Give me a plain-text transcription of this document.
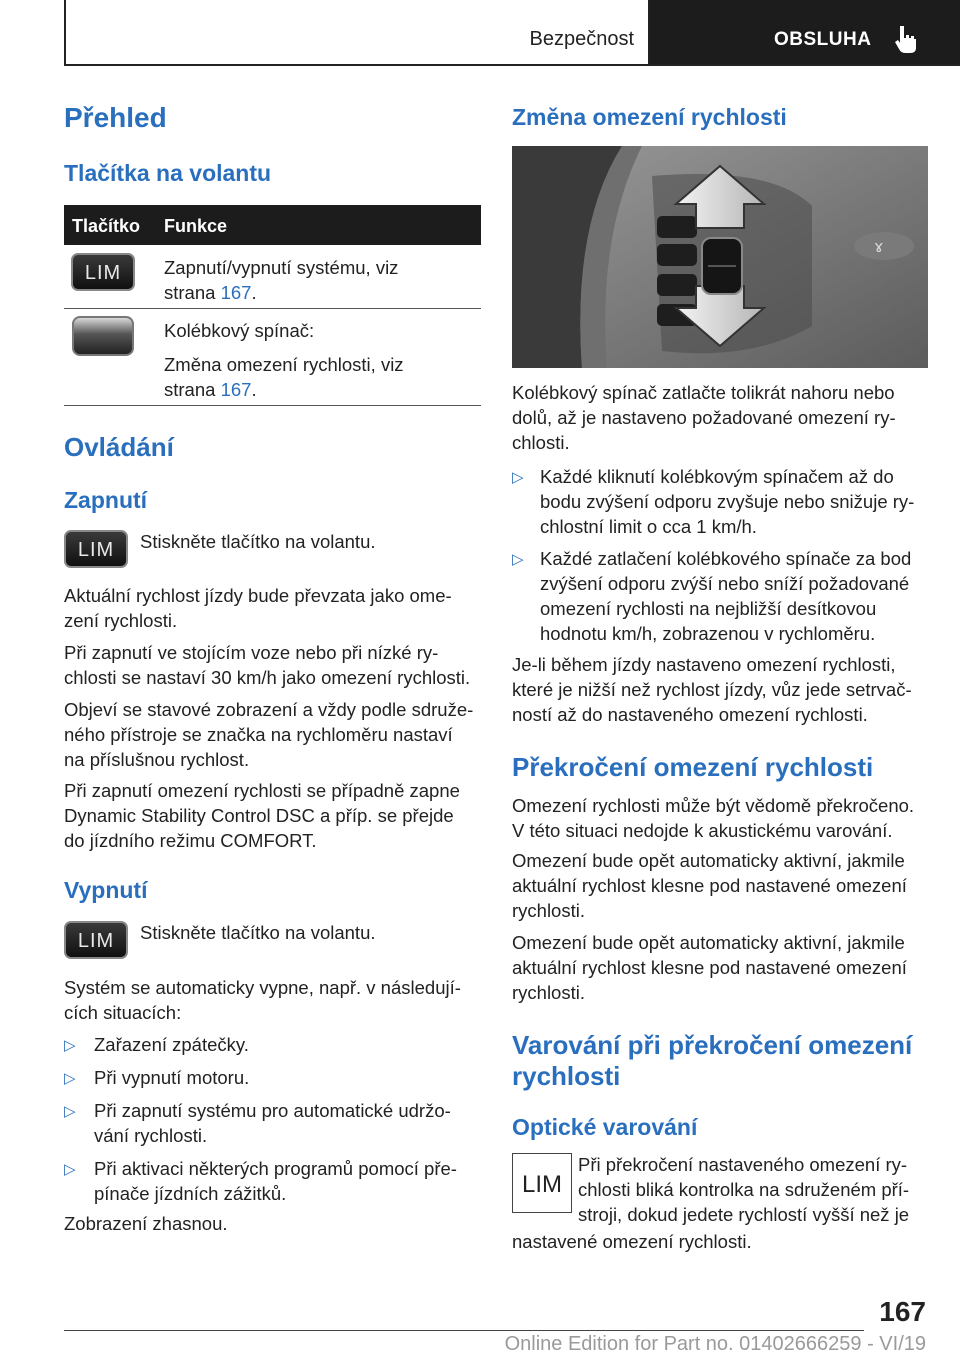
Bezpečnost	OBSLUHA
Přehled
Tlačítka na volantu
Tlačítko Funkce
LIM	Zapnutí/vypnutí systému, viz
strana 167.
Kolébkový spínač:
Změna omezení rychlosti, viz
strana 167.
Ovládání
Zapnutí
LIM	Stiskněte tlačítko na volantu.
Aktuální rychlost jízdy bude převzata jako ome-
zení rychlosti.
Při zapnutí ve stojícím voze nebo při nízké ry-
chlosti se nastaví 30 km/h jako omezení rychlosti.
Objeví se stavové zobrazení a vždy podle sdruže-
ného přístroje se značka na rychloměru nastaví
na příslušnou rychlost.
Při zapnutí omezení rychlosti se případně zapne
Dynamic Stability Control DSC a příp. se přejde
do jízdního režimu COMFORT.
Vypnutí
LIM	Stiskněte tlačítko na volantu.
Systém se automaticky vypne, např. v následují-
cích situacích:
▷ Zařazení zpátečky.
▷ Při vypnutí motoru.
▷ Při zapnutí systému pro automatické udržo-
vání rychlosti.
▷ Při aktivaci některých programů pomocí pře-
pínače jízdních zážitků.
Zobrazení zhasnou.
Změna omezení rychlosti
ɤ
Kolébkový spínač zatlačte tolikrát nahoru nebo
dolů, až je nastaveno požadované omezení ry-
chlosti.
▷ Každé kliknutí kolébkovým spínačem až do
bodu zvýšení odporu zvyšuje nebo snižuje ry-
chlostní limit o cca 1 km/h.
▷ Každé zatlačení kolébkového spínače za bod
zvýšení odporu zvýší nebo sníží požadované
omezení rychlosti na nejbližší desítkovou
hodnotu km/h, zobrazenou v rychloměru.
Je-li během jízdy nastaveno omezení rychlosti,
které je nižší než rychlost jízdy, vůz jede setrvač-
ností až do nastaveného omezení rychlosti.
Překročení omezení rychlosti
Omezení rychlosti může být vědomě překročeno.
V této situaci nedojde k akustickému varování.
Omezení bude opět automaticky aktivní, jakmile
aktuální rychlost klesne pod nastavené omezení
rychlosti.
Omezení bude opět automaticky aktivní, jakmile
aktuální rychlost klesne pod nastavené omezení
rychlosti.
Varování při překročení omezení
rychlosti
Optické varování
LIM
Při překročení nastaveného omezení ry-
chlosti bliká kontrolka na sdruženém pří-
stroji, dokud jedete rychlostí vyšší než je
nastavené omezení rychlosti.
167
Online Edition for Part no. 01402666259 - VI/19
